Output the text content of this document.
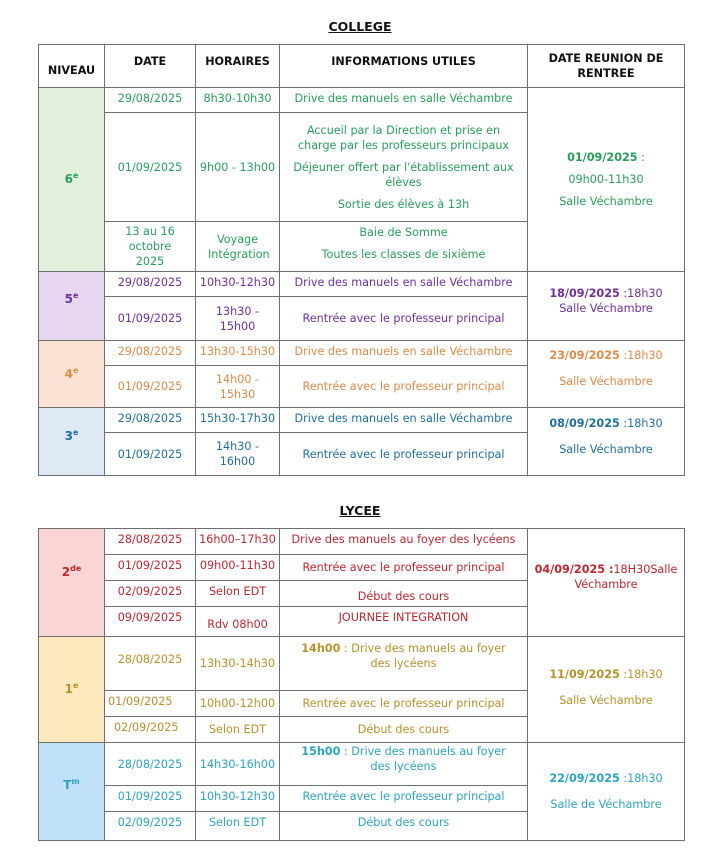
COLLEGE
NIVEAU	DATE	HORAIRES	INFORMATIONS UTILES	DATE REUNION DE RENTREE
6e	29/08/2025	8h30-10h30	Drive des manuels en salle Véchambre	01/09/2025 :

09h00-11h30

Salle Véchambre

	01/09/2025	9h00 - 13h00	Accueil par la Direction et prise en charge par les professeurs principaux

Déjeuner offert par l'établissement aux élèves

Sortie des élèves à 13h	

	13 au 16 octobre 2025	Voyage Intégration	Baie de Somme

Toutes les classes de sixième	

5e	29/08/2025	10h30-12h30	Drive des manuels en salle Véchambre	18/09/2025 :18h30

Salle Véchambre

	01/09/2025	13h30 - 15h00	Rentrée avec le professeur principal	
4e	29/08/2025	13h30-15h30	Drive des manuels en salle Véchambre	23/09/2025 :18h30

Salle Véchambre

	01/09/2025	14h00 - 15h30	Rentrée avec le professeur principal	
3e	29/08/2025	15h30-17h30	Drive des manuels en salle Véchambre	08/09/2025 :18h30

Salle Véchambre

	01/09/2025	14h30 - 16h00	Rentrée avec le professeur principal	
LYCEE
2de	28/08/2025	16h00–17h30	Drive des manuels au foyer des lycéens	04/09/2025 :18H30Salle Véchambre

	01/09/2025	09h00-11h30	Rentrée avec le professeur principal	
	02/09/2025	Selon EDT	Début des cours	
	09/09/2025	Rdv 08h00	JOURNEE INTEGRATION	
1e	28/08/2025	13h30-14h30	14h00 : Drive des manuels au foyer des lycéens	11/09/2025 :18h30

Salle Véchambre

	01/09/2025	10h00-12h00	Rentrée avec le professeur principal	
	02/09/2025	Selon EDT	Début des cours	
$T^m$	28/08/2025	14h30-16h00	15h00 : Drive des manuels au foyer des lycéens	22/09/2025 :18h30

Salle de Véchambre

	01/09/2025	10h30-12h30	Rentrée avec le professeur principal	
	02/09/2025	Selon EDT	Début des cours	
